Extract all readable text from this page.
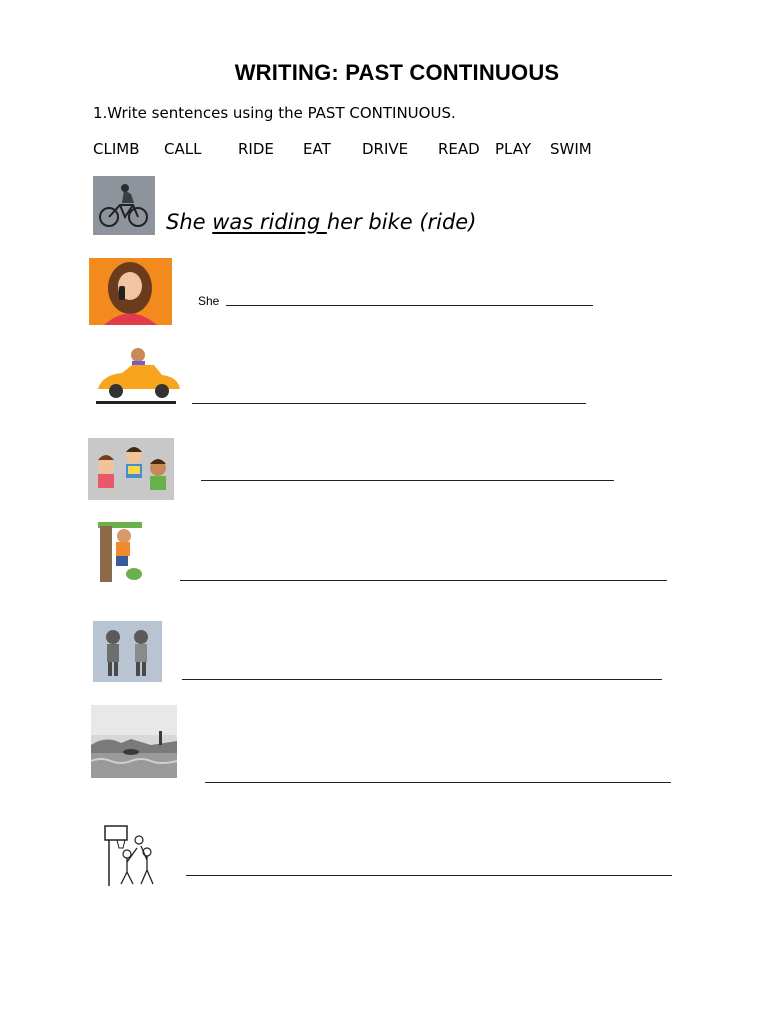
WRITING: PAST CONTINUOUS
1.Write sentences using the PAST CONTINUOUS.
CLIMB CALL RIDE EAT DRIVE READ PLAY SWIM
She was riding her bike (ride)
She
